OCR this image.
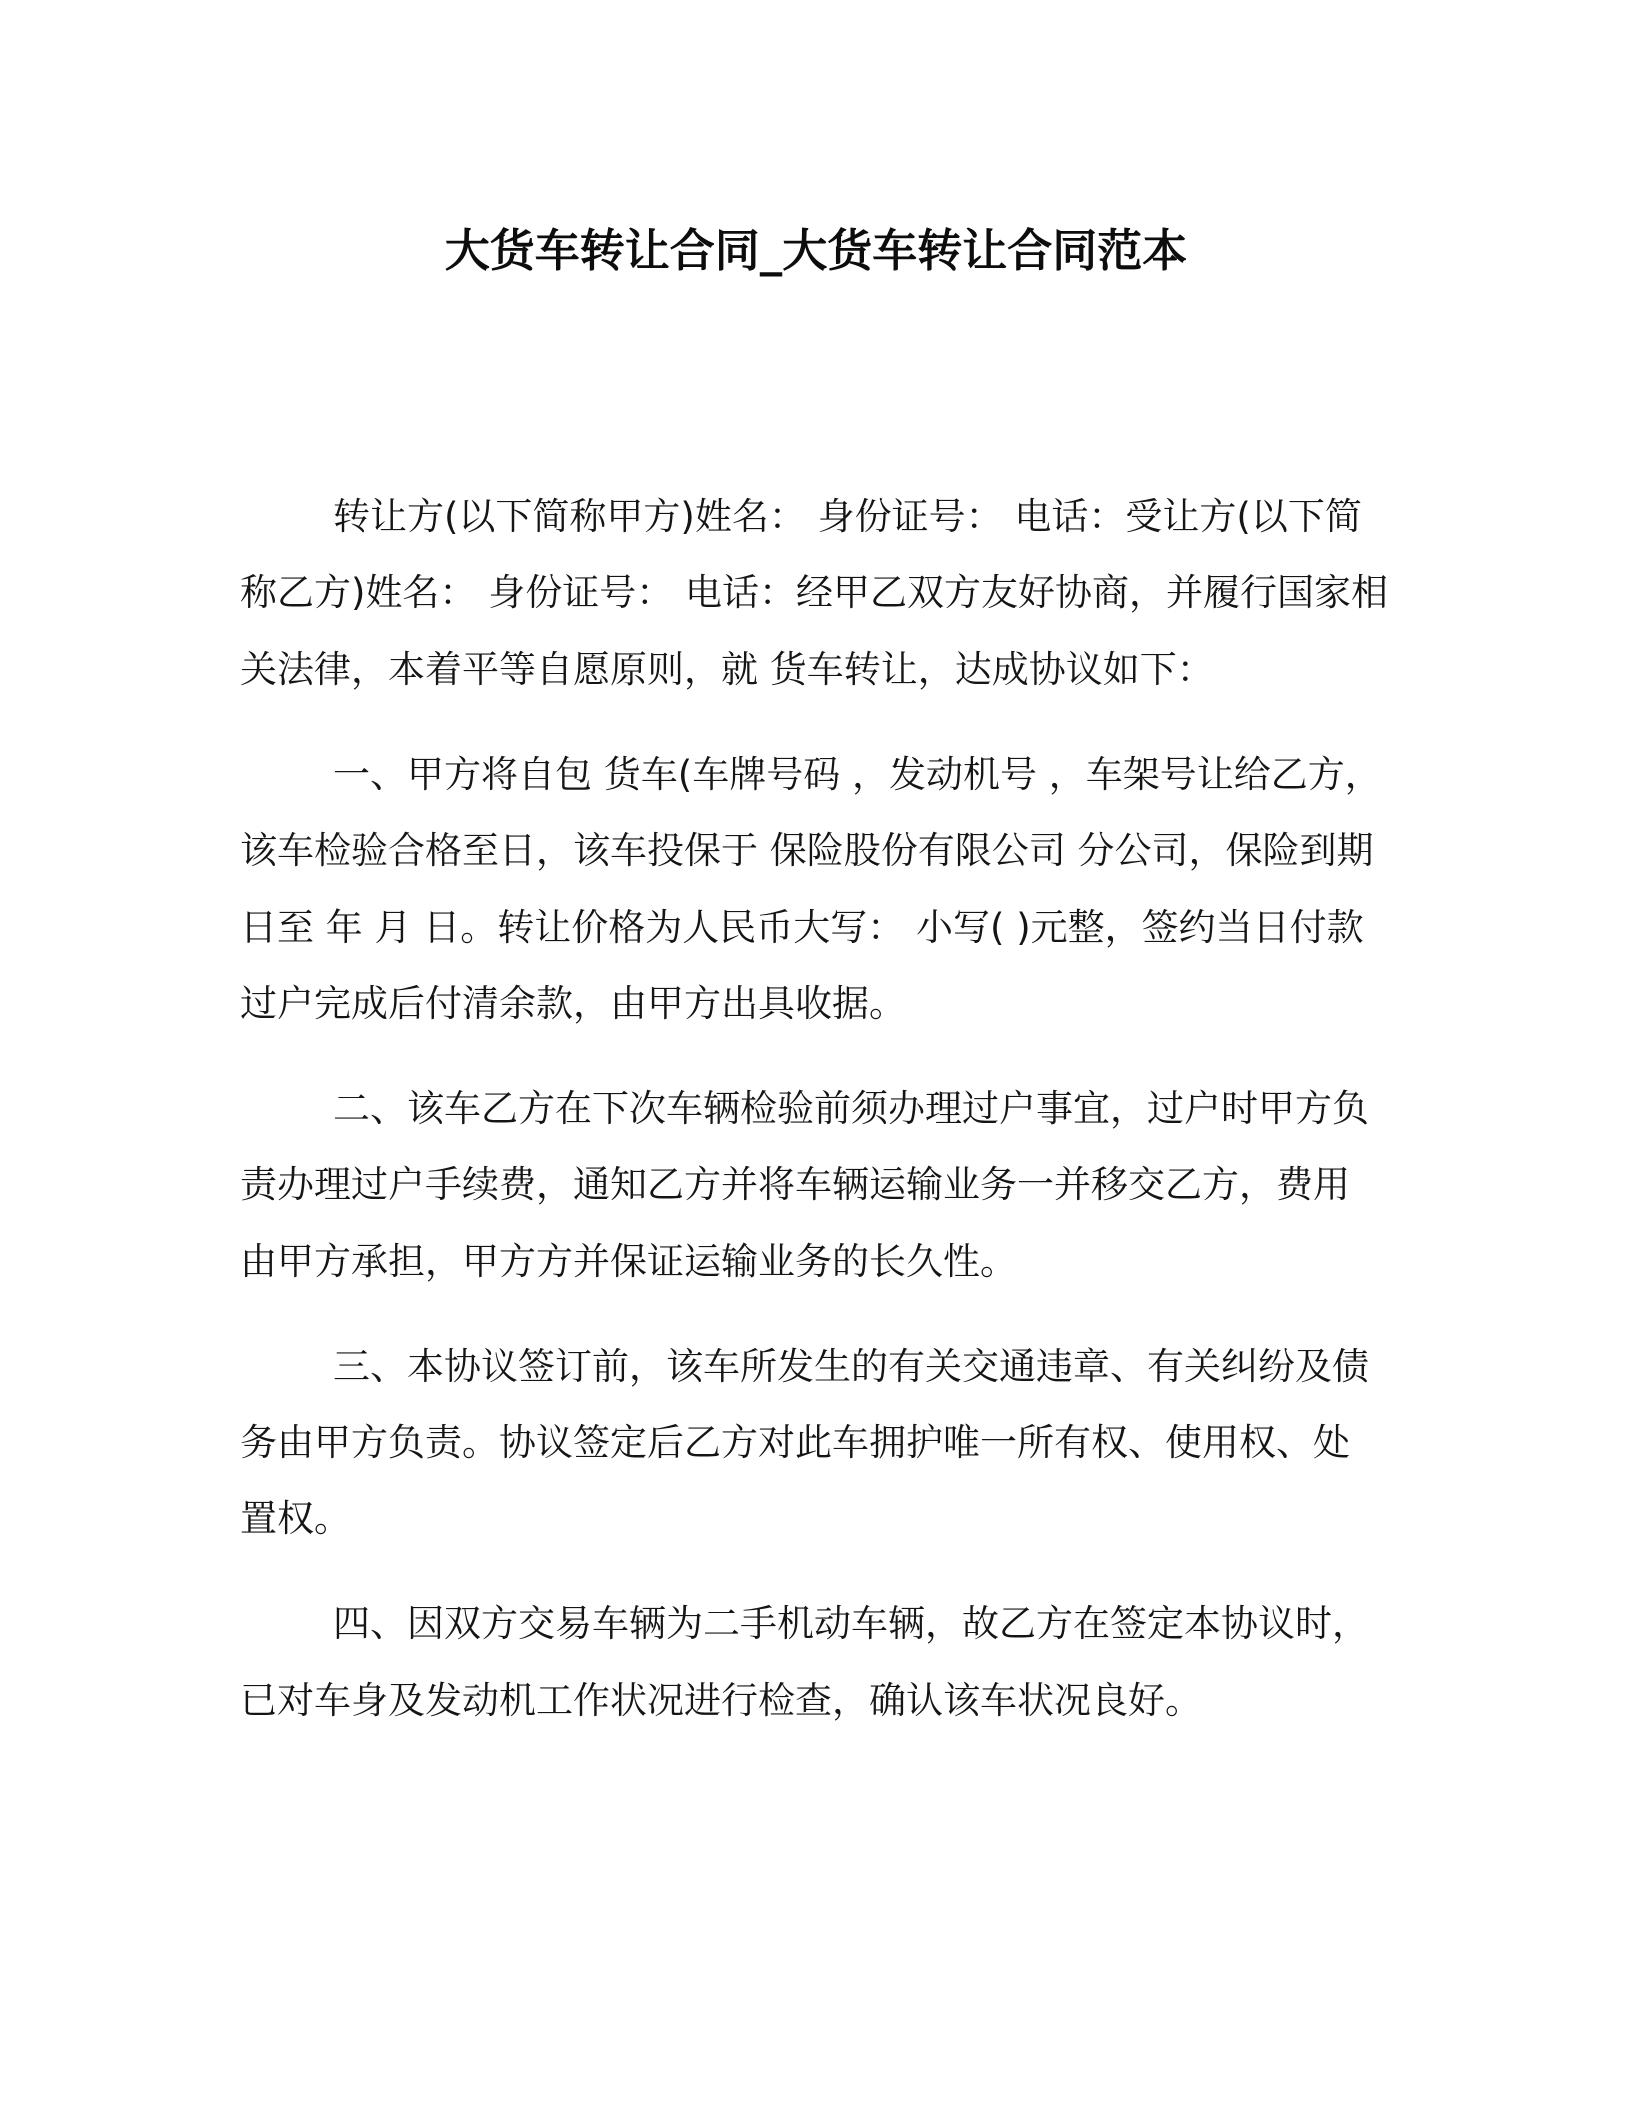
大货车转让合同_大货车转让合同范本
转让方(以下简称甲方)姓名： 身份证号： 电话：受让方(以下简
称乙方)姓名： 身份证号： 电话：经甲乙双方友好协商，并履行国家相
关法律，本着平等自愿原则，就 货车转让，达成协议如下：
一、甲方将自包 货车(车牌号码 ，发动机号 ，车架号让给乙方，
该车检验合格至日，该车投保于 保险股份有限公司 分公司，保险到期
日至 年 月 日。转让价格为人民币大写： 小写( )元整，签约当日付款
过户完成后付清余款，由甲方出具收据。
二、该车乙方在下次车辆检验前须办理过户事宜，过户时甲方负
责办理过户手续费，通知乙方并将车辆运输业务一并移交乙方，费用
由甲方承担，甲方方并保证运输业务的长久性。
三、本协议签订前，该车所发生的有关交通违章、有关纠纷及债
务由甲方负责。协议签定后乙方对此车拥护唯一所有权、使用权、处
置权。
四、因双方交易车辆为二手机动车辆，故乙方在签定本协议时，
已对车身及发动机工作状况进行检查，确认该车状况良好。
